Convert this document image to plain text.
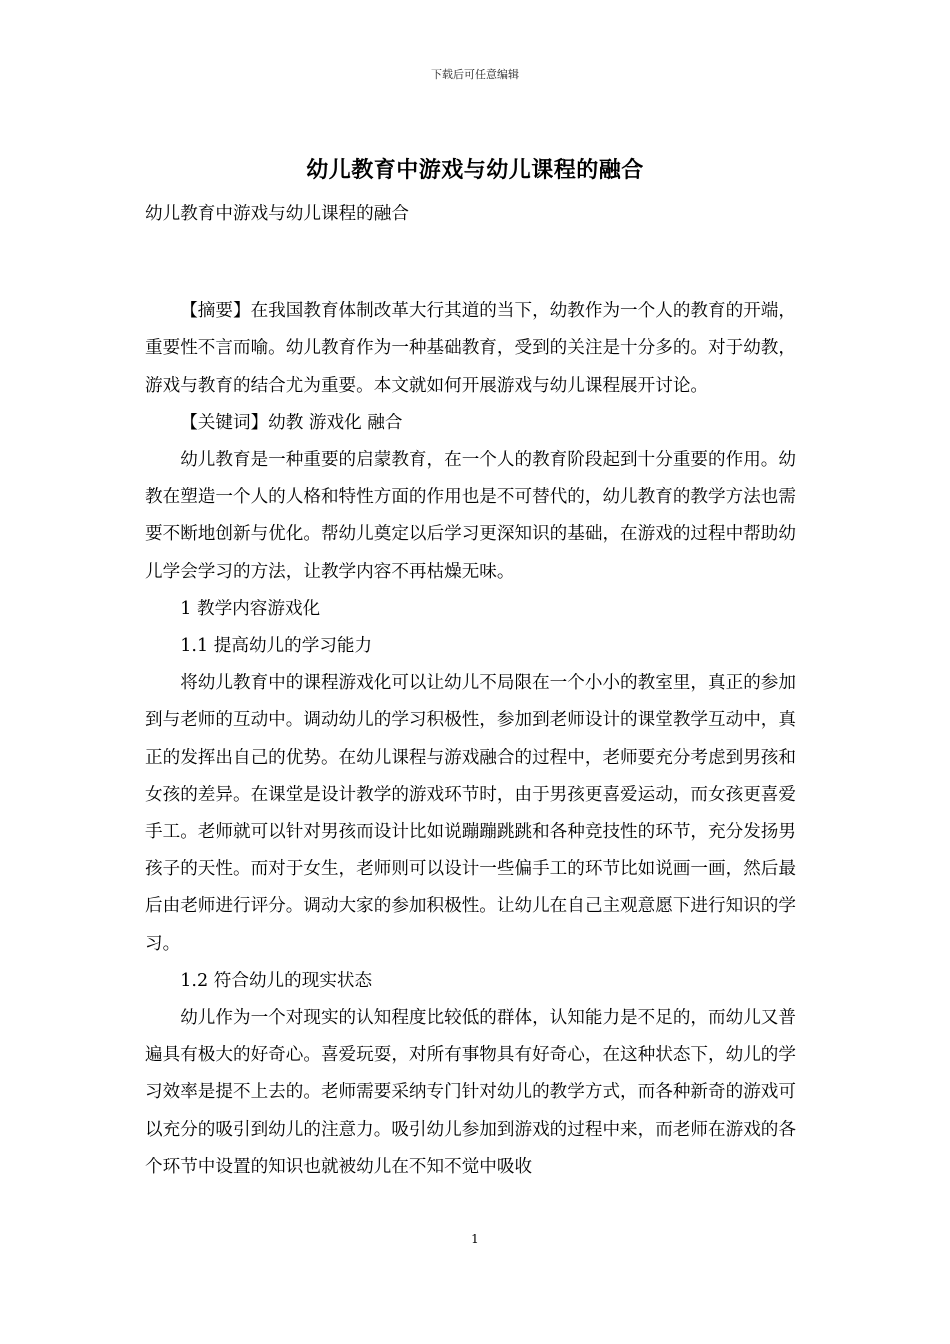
下载后可任意编辑
幼儿教育中游戏与幼儿课程的融合

幼儿教育中游戏与幼儿课程的融合

【摘要】在我国教育体制改革大行其道的当下，幼教作为一个人的教育的开端，重要性不言而喻。幼儿教育作为一种基础教育，受到的关注是十分多的。对于幼教，游戏与教育的结合尤为重要。本文就如何开展游戏与幼儿课程展开讨论。

【关键词】幼教 游戏化 融合

幼儿教育是一种重要的启蒙教育，在一个人的教育阶段起到十分重要的作用。幼教在塑造一个人的人格和特性方面的作用也是不可替代的，幼儿教育的教学方法也需要不断地创新与优化。帮幼儿奠定以后学习更深知识的基础，在游戏的过程中帮助幼儿学会学习的方法，让教学内容不再枯燥无味。

1 教学内容游戏化

1.1 提高幼儿的学习能力

将幼儿教育中的课程游戏化可以让幼儿不局限在一个小小的教室里，真正的参加到与老师的互动中。调动幼儿的学习积极性，参加到老师设计的课堂教学互动中，真正的发挥出自己的优势。在幼儿课程与游戏融合的过程中，老师要充分考虑到男孩和女孩的差异。在课堂是设计教学的游戏环节时，由于男孩更喜爱运动，而女孩更喜爱手工。老师就可以针对男孩而设计比如说蹦蹦跳跳和各种竞技性的环节，充分发扬男孩子的天性。而对于女生，老师则可以设计一些偏手工的环节比如说画一画，然后最后由老师进行评分。调动大家的参加积极性。让幼儿在自己主观意愿下进行知识的学习。

1.2 符合幼儿的现实状态

幼儿作为一个对现实的认知程度比较低的群体，认知能力是不足的，而幼儿又普遍具有极大的好奇心。喜爱玩耍，对所有事物具有好奇心，在这种状态下，幼儿的学习效率是提不上去的。老师需要采纳专门针对幼儿的教学方式，而各种新奇的游戏可以充分的吸引到幼儿的注意力。吸引幼儿参加到游戏的过程中来，而老师在游戏的各个环节中设置的知识也就被幼儿在不知不觉中吸收

1
